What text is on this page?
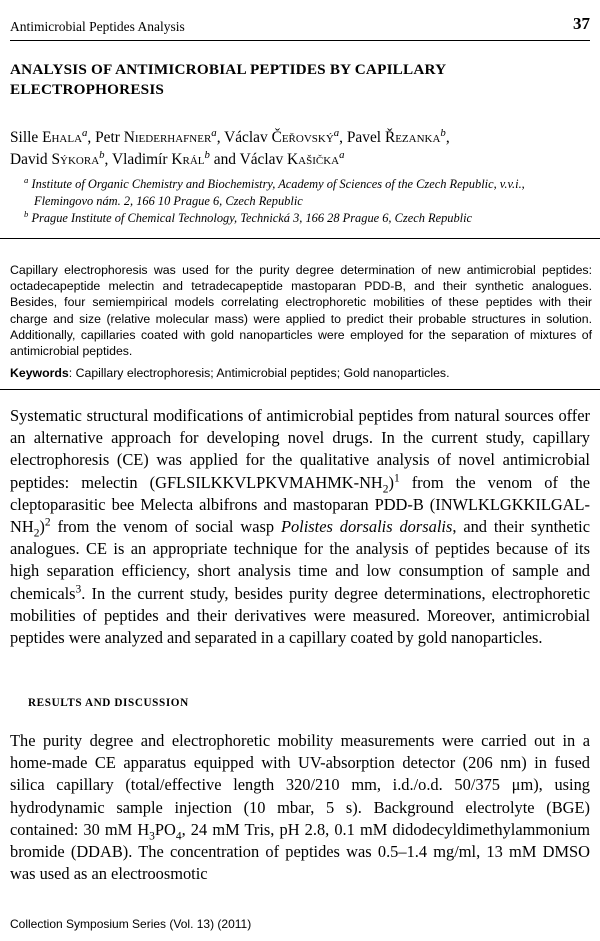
Antimicrobial Peptides Analysis	37
ANALYSIS OF ANTIMICROBIAL PEPTIDES BY CAPILLARY
ELECTROPHORESIS
Sille Ehala$^a$, Petr Niederhafner$^a$, Václav Čeřovský$^a$, Pavel Řezanka$^b$,
David Sýkora$^b$, Vladimír Král$^b$ and Václav Kašička$^a$
$^a$ Institute of Organic Chemistry and Biochemistry, Academy of Sciences of the Czech Republic, v.v.i.,
Flemingovo nám. 2, 166 10 Prague 6, Czech Republic
$^b$ Prague Institute of Chemical Technology, Technická 3, 166 28 Prague 6, Czech Republic
Capillary electrophoresis was used for the purity degree determination of new antimicrobial peptides: octadecapeptide melectin and tetradecapeptide mastoparan PDD-B, and their synthetic analogues. Besides, four semiempirical models correlating electrophoretic mobilities of these peptides with their charge and size (relative molecular mass) were applied to predict their probable structures in solution. Additionally, capillaries coated with gold nanoparticles were employed for the separation of mixtures of antimicrobial peptides.
Keywords: Capillary electrophoresis; Antimicrobial peptides; Gold nanoparticles.
Systematic structural modifications of antimicrobial peptides from natural sources offer an alternative approach for developing novel drugs. In the current study, capillary electrophoresis (CE) was applied for the qualitative analysis of novel antimicrobial peptides: melectin $(GFLSILKKVLPKVMAHMK-NH_2)^1$ from the venom of the cleptoparasitic bee Melecta albifrons and mastoparan PDD-B $(INWLKLGKKILGAL-NH_2)^2$ from the venom of social wasp Polistes dorsalis dorsalis, and their synthetic analogues. CE is an appropriate technique for the analysis of peptides because of its high separation efficiency, short analysis time and low consumption of sample and chemicals$^3$. In the current study, besides purity degree determinations, electrophoretic mobilities of peptides and their derivatives were measured. Moreover, antimicrobial peptides were analyzed and separated in a capillary coated by gold nanoparticles.
RESULTS AND DISCUSSION
The purity degree and electrophoretic mobility measurements were carried out in a home-made CE apparatus equipped with UV-absorption detector (206 nm) in fused silica capillary (total/effective length 320/210 mm, i.d./o.d. 50/375 μm), using hydrodynamic sample injection (10 mbar, 5 s). Background electrolyte (BGE) contained: 30 mM $H_3PO_4$, 24 mM Tris, pH 2.8, 0.1 mM didodecyldimethylammonium bromide (DDAB). The concentration of peptides was 0.5–1.4 mg/ml, 13 mM DMSO was used as an electroosmotic
Collection Symposium Series (Vol. 13) (2011)
